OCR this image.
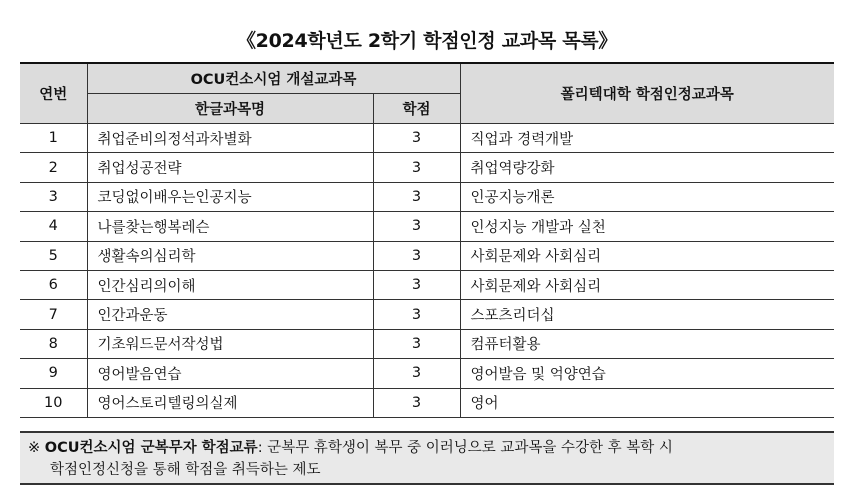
《2024학년도 2학기 학점인정 교과목 목록》
연번	OCU컨소시엄 개설교과목		폴리텍대학 학점인정교과목
	한글과목명	학점	
1	취업준비의정석과차별화	3	직업과 경력개발
2	취업성공전략	3	취업역량강화
3	코딩없이배우는인공지능	3	인공지능개론
4	나를찾는행복레슨	3	인성지능 개발과 실천
5	생활속의심리학	3	사회문제와 사회심리
6	인간심리의이해	3	사회문제와 사회심리
7	인간과운동	3	스포츠리더십
8	기초워드문서작성법	3	컴퓨터활용
9	영어발음연습	3	영어발음 및 억양연습
10	영어스토리텔링의실제	3	영어
※ OCU컨소시엄 군복무자 학점교류: 군복무 휴학생이 복무 중 이러닝으로 교과목을 수강한 후 복학 시
학점인정신청을 통해 학점을 취득하는 제도
